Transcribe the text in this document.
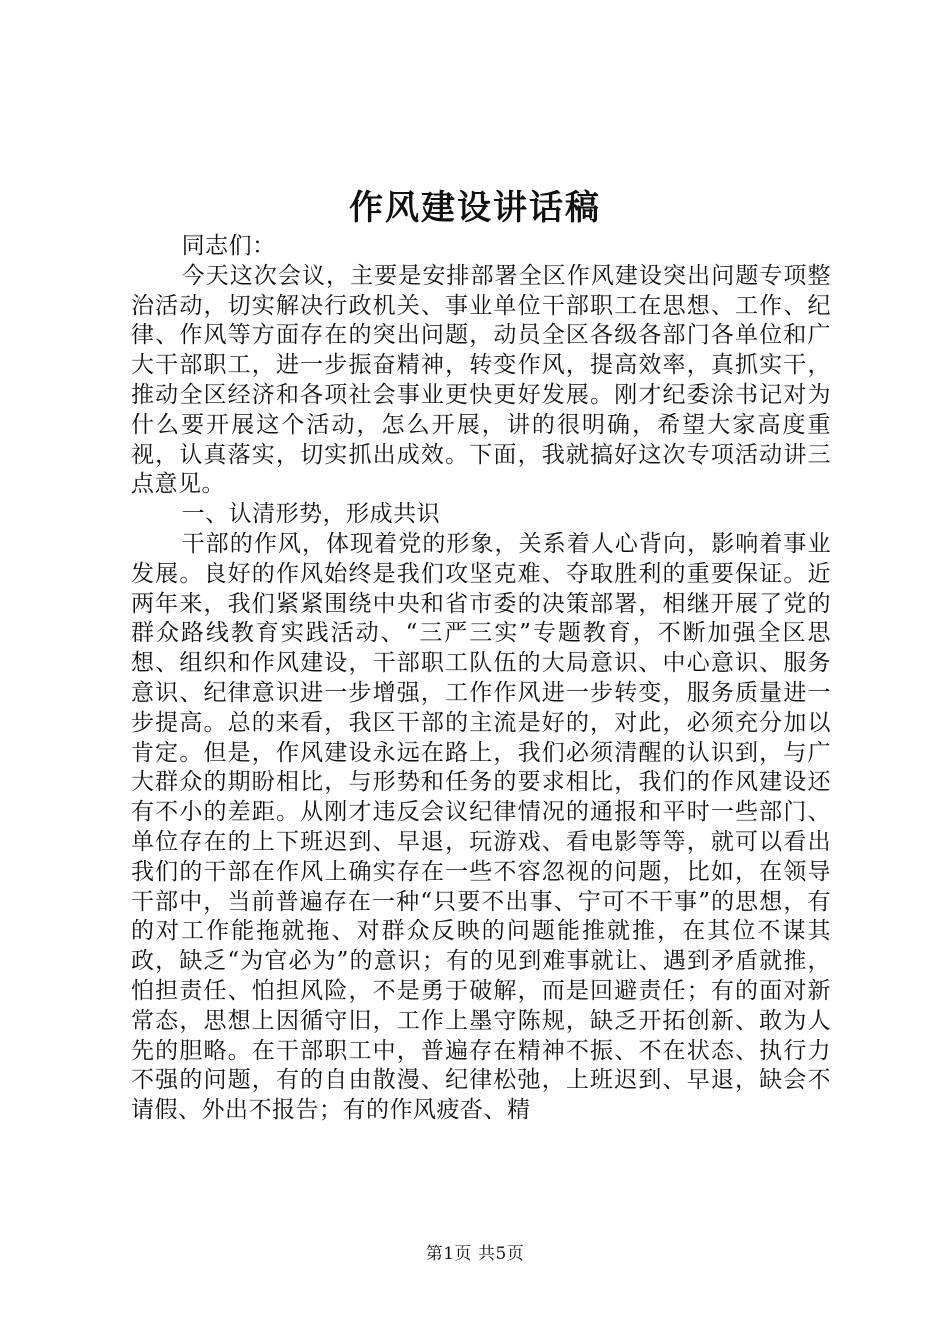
作风建设讲话稿

同志们：

今天这次会议，主要是安排部署全区作风建设突出问题专项整治活动，切实解决行政机关、事业单位干部职工在思想、工作、纪律、作风等方面存在的突出问题，动员全区各级各部门各单位和广大干部职工，进一步振奋精神，转变作风，提高效率，真抓实干，推动全区经济和各项社会事业更快更好发展。刚才纪委涂书记对为什么要开展这个活动，怎么开展，讲的很明确，希望大家高度重视，认真落实，切实抓出成效。下面，我就搞好这次专项活动讲三点意见。

一、认清形势，形成共识

干部的作风，体现着党的形象，关系着人心背向，影响着事业发展。良好的作风始终是我们攻坚克难、夺取胜利的重要保证。近两年来，我们紧紧围绕中央和省市委的决策部署，相继开展了党的群众路线教育实践活动、“三严三实”专题教育，不断加强全区思想、组织和作风建设，干部职工队伍的大局意识、中心意识、服务意识、纪律意识进一步增强，工作作风进一步转变，服务质量进一步提高。总的来看，我区干部的主流是好的，对此，必须充分加以肯定。但是，作风建设永远在路上，我们必须清醒的认识到，与广大群众的期盼相比，与形势和任务的要求相比，我们的作风建设还有不小的差距。从刚才违反会议纪律情况的通报和平时一些部门、单位存在的上下班迟到、早退，玩游戏、看电影等等，就可以看出我们的干部在作风上确实存在一些不容忽视的问题，比如，在领导干部中，当前普遍存在一种“只要不出事、宁可不干事”的思想，有的对工作能拖就拖、对群众反映的问题能推就推，在其位不谋其政，缺乏“为官必为”的意识；有的见到难事就让、遇到矛盾就推，怕担责任、怕担风险，不是勇于破解，而是回避责任；有的面对新常态，思想上因循守旧，工作上墨守陈规，缺乏开拓创新、敢为人先的胆略。在干部职工中，普遍存在精神不振、不在状态、执行力不强的问题，有的自由散漫、纪律松弛，上班迟到、早退，缺会不请假、外出不报告；有的作风疲沓、精

第1页 共5页
